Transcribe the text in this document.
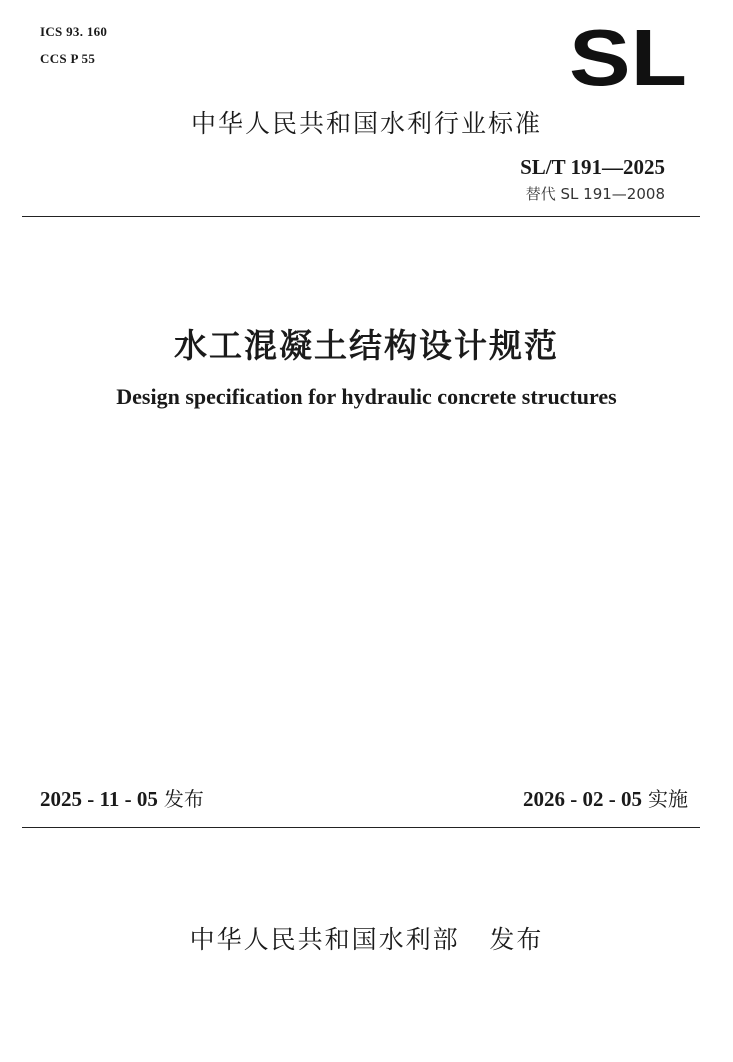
ICS 93. 160
CCS P 55	SL
中华人民共和国水利行业标准
SL/T 191—2025
替代 SL 191—2008
水工混凝土结构设计规范
Design specification for hydraulic concrete structures
2025 - 11 - 05 发布	2026 - 02 - 05 实施
中华人民共和国水利部 发布
